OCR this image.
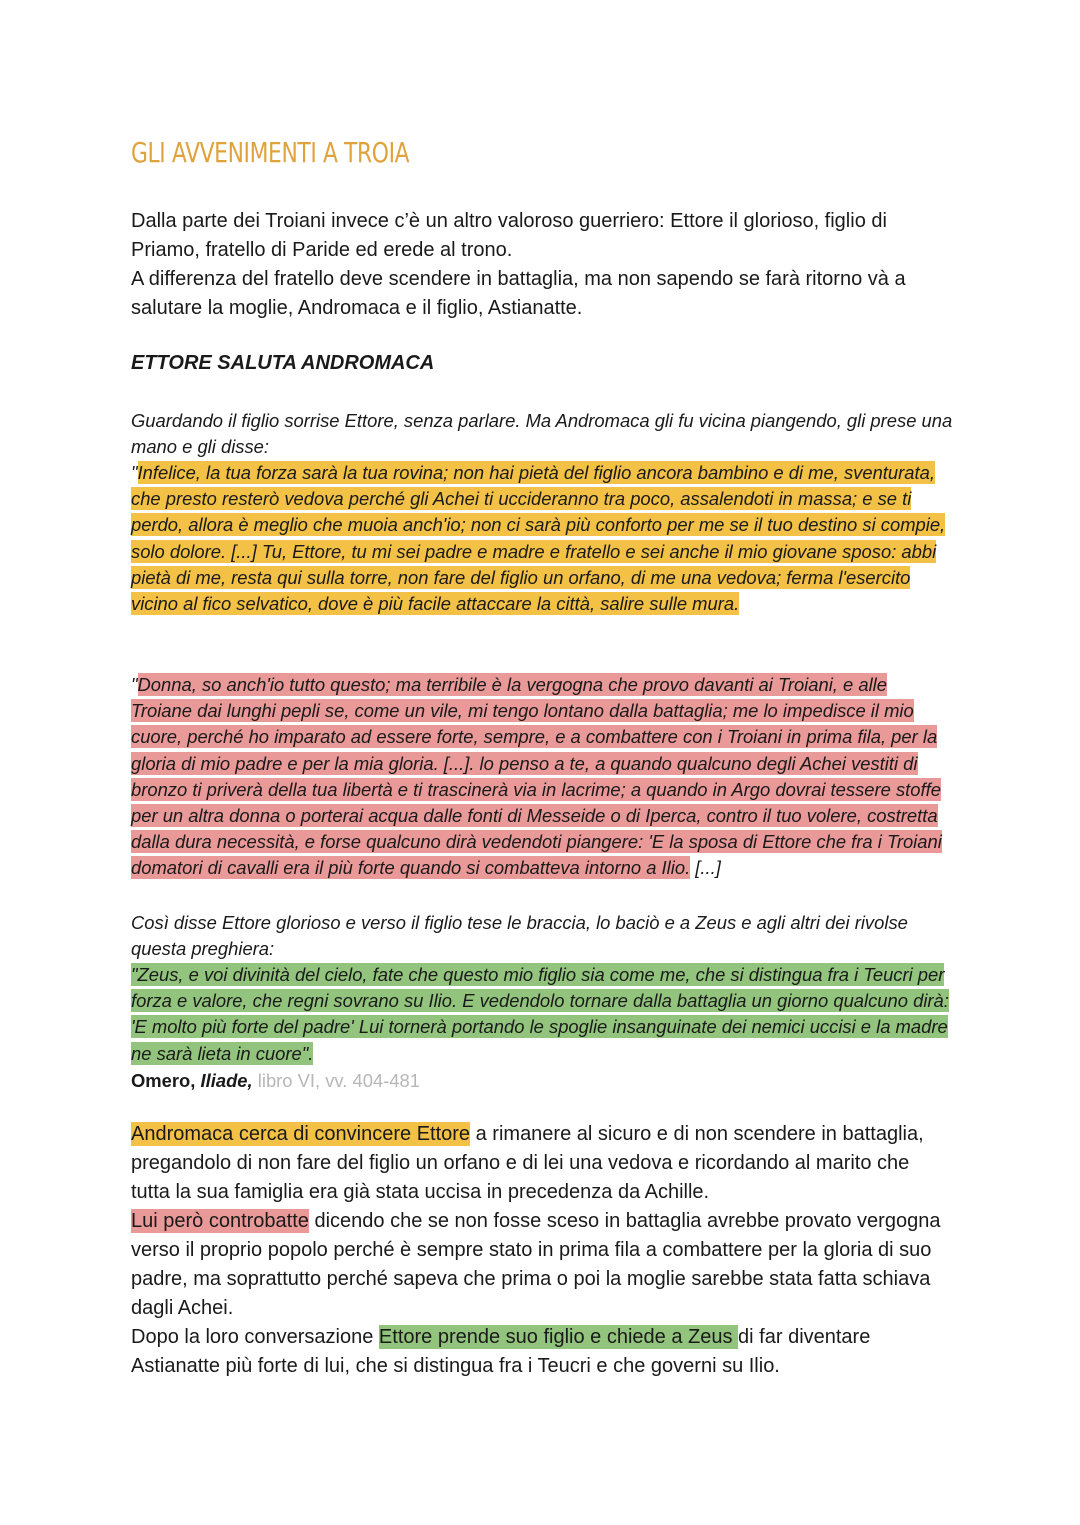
GLI AVVENIMENTI A TROIA

Dalla parte dei Troiani invece c’è un altro valoroso guerriero: Ettore il glorioso, figlio di Priamo, fratello di Paride ed erede al trono.
A differenza del fratello deve scendere in battaglia, ma non sapendo se farà ritorno và a salutare la moglie, Andromaca e il figlio, Astianatte.

ETTORE SALUTA ANDROMACA

Guardando il figlio sorrise Ettore, senza parlare. Ma Andromaca gli fu vicina piangendo, gli prese una mano e gli disse:

"Infelice, la tua forza sarà la tua rovina; non hai pietà del figlio ancora bambino e di me, sventurata, che presto resterò vedova perché gli Achei ti uccideranno tra poco, assalendoti in massa; e se ti perdo, allora è meglio che muoia anch'io; non ci sarà più conforto per me se il tuo destino si compie, solo dolore. [...] Tu, Ettore, tu mi sei padre e madre e fratello e sei anche il mio giovane sposo: abbi pietà di me, resta qui sulla torre, non fare del figlio un orfano, di me una vedova; ferma l'esercito vicino al fico selvatico, dove è più facile attaccare la città, salire sulle mura.

"Donna, so anch'io tutto questo; ma terribile è la vergogna che provo davanti ai Troiani, e alle Troiane dai lunghi pepli se, come un vile, mi tengo lontano dalla battaglia; me lo impedisce il mio cuore, perché ho imparato ad essere forte, sempre, e a combattere con i Troiani in prima fila, per la gloria di mio padre e per la mia gloria. [...]. lo penso a te, a quando qualcuno degli Achei vestiti di bronzo ti priverà della tua libertà e ti trascinerà via in lacrime; a quando in Argo dovrai tessere stoffe per un altra donna o porterai acqua dalle fonti di Messeide o di Iperca, contro il tuo volere, costretta dalla dura necessità, e forse qualcuno dirà vedendoti piangere: 'E la sposa di Ettore che fra i Troiani domatori di cavalli era il più forte quando si combatteva intorno a Ilio. [...]

Così disse Ettore glorioso e verso il figlio tese le braccia, lo baciò e a Zeus e agli altri dei rivolse questa preghiera:

"Zeus, e voi divinità del cielo, fate che questo mio figlio sia come me, che si distingua fra i Teucri per forza e valore, che regni sovrano su Ilio. E vedendolo tornare dalla battaglia un giorno qualcuno dirà: 'E molto più forte del padre' Lui tornerà portando le spoglie insanguinate dei nemici uccisi e la madre ne sarà lieta in cuore".

Omero, Iliade, libro VI, vv. 404-481

Andromaca cerca di convincere Ettore a rimanere al sicuro e di non scendere in battaglia, pregandolo di non fare del figlio un orfano e di lei una vedova e ricordando al marito che tutta la sua famiglia era già stata uccisa in precedenza da Achille.
Lui però controbatte dicendo che se non fosse sceso in battaglia avrebbe provato vergogna verso il proprio popolo perché è sempre stato in prima fila a combattere per la gloria di suo padre, ma soprattutto perché sapeva che prima o poi la moglie sarebbe stata fatta schiava dagli Achei.
Dopo la loro conversazione Ettore prende suo figlio e chiede a Zeus di far diventare Astianatte più forte di lui, che si distingua fra i Teucri e che governi su Ilio.
